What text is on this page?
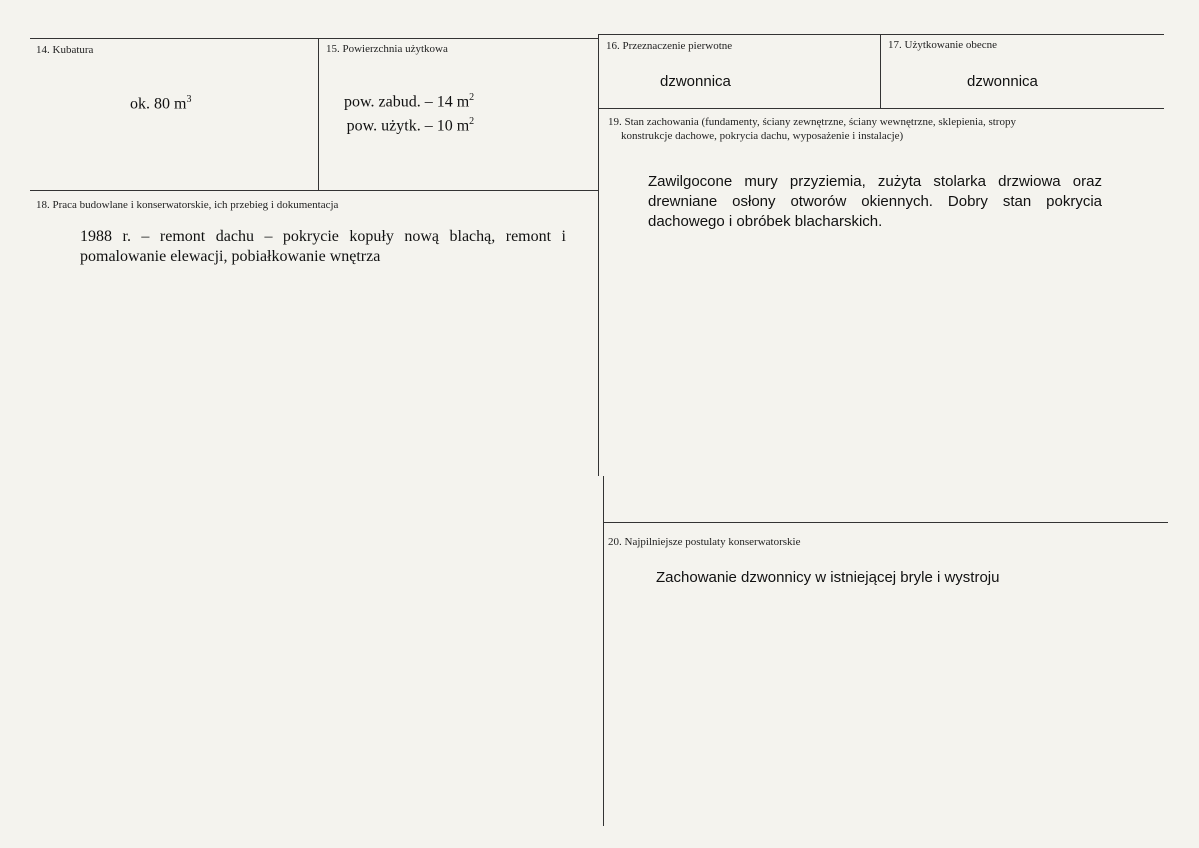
14. Kubatura
ok. 80 $m^3$
15. Powierzchnia użytkowa
pow. zabud. – 14 $m^2$
pow. użytk. – 10 $m^2$
16. Przeznaczenie pierwotne
dzwonnica
17. Użytkowanie obecne
dzwonnica
18. Praca budowlane i konserwatorskie, ich przebieg i dokumentacja
1988 r. – remont dachu – pokrycie kopuły nową blachą, remont i pomalowanie elewacji, pobiałkowanie wnętrza
19. Stan zachowania (fundamenty, ściany zewnętrzne, ściany wewnętrzne, sklepienia, stropy
konstrukcje dachowe, pokrycia dachu, wyposażenie i instalacje)
Zawilgocone mury przyziemia, zużyta stolarka drzwiowa oraz drewniane osłony otworów okiennych. Dobry stan pokrycia dachowego i obróbek blacharskich.
20. Najpilniejsze postulaty konserwatorskie
Zachowanie dzwonnicy w istniejącej bryle i wystroju
